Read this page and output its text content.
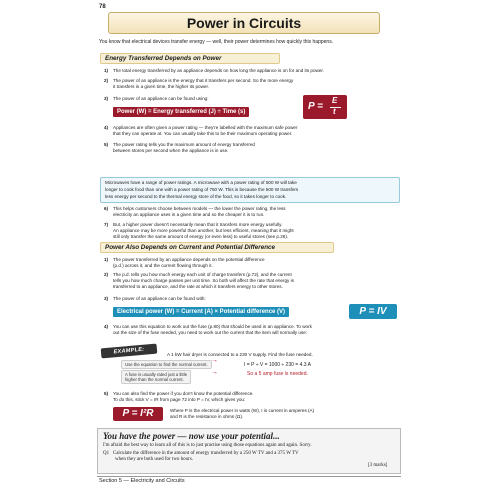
78
Power in Circuits
You know that electrical devices transfer energy — well, their power determines how quickly this happens.
Energy Transferred Depends on Power
1) The total energy transferred by an appliance depends on how long the appliance is on for and its power.
2) The power of an appliance is the energy that it transfers per second. So the more energy
it transfers in a given time, the higher its power.
3) The power of an appliance can be found using:
Power (W) = Energy transferred (J) ÷ Time (s)	P =
E
t
4) Appliances are often given a power rating — they're labelled with the maximum safe power
that they can operate at. You can usually take this to be their maximum operating power.
5) The power rating tells you the maximum amount of energy transferred
between stores per second when the appliance is in use.
Microwaves have a range of power ratings. A microwave with a power rating of 500 W will take
longer to cook food than one with a power rating of 750 W. This is because the 500 W transfers
less energy per second to the thermal energy store of the food, so it takes longer to cook.
6) This helps customers choose between models — the lower the power rating, the less
electricity an appliance uses in a given time and so the cheaper it is to run.
7) But, a higher power doesn't necessarily mean that it transfers more energy usefully.
An appliance may be more powerful than another, but less efficient, meaning that it might
still only transfer the same amount of energy (or even less) to useful stores (see p.26).
Power Also Depends on Current and Potential Difference
1) The power transferred by an appliance depends on the potential difference
(p.d.) across it, and the current flowing through it.
2) The p.d. tells you how much energy each unit of charge transfers (p.72), and the current
tells you how much charge passes per unit time. So both will affect the rate that energy is
transferred to an appliance, and the rate at which it transfers energy to other stores.
3) The power of an appliance can be found with:
Electrical power (W) = Current (A) × Potential difference (V)	P = IV
4) You can use this equation to work out the fuse (p.80) that should be used in an appliance. To work
out the size of the fuse needed, you need to work out the current that the item will normally use:
EXAMPLE:	A 1 kW hair dryer is connected to a 230 V supply. Find the fuse needed.
Use the equation to find the normal current.
A fuse is usually rated just a little
higher than the normal current.
I = P ÷ V = 1000 ÷ 230 = 4.3 A
So a 5 amp fuse is needed.
→
→
5) You can also find the power if you don't know the potential difference.
To do this, stick V = IR from page 72 into P = IV, which gives you:
P = I²R	Where P is the electrical power in watts (W), I is current in amperes (A)
and R is the resistance in ohms (Ω).
You have the power — now use your potential...
I'm afraid the best way to learn all of this is to just practise using those equations again and again. Sorry.
Q1 Calculate the difference in the amount of energy transferred by a 250 W TV and a 375 W TV
when they are both used for two hours.
[3 marks]
Section 5 — Electricity and Circuits
